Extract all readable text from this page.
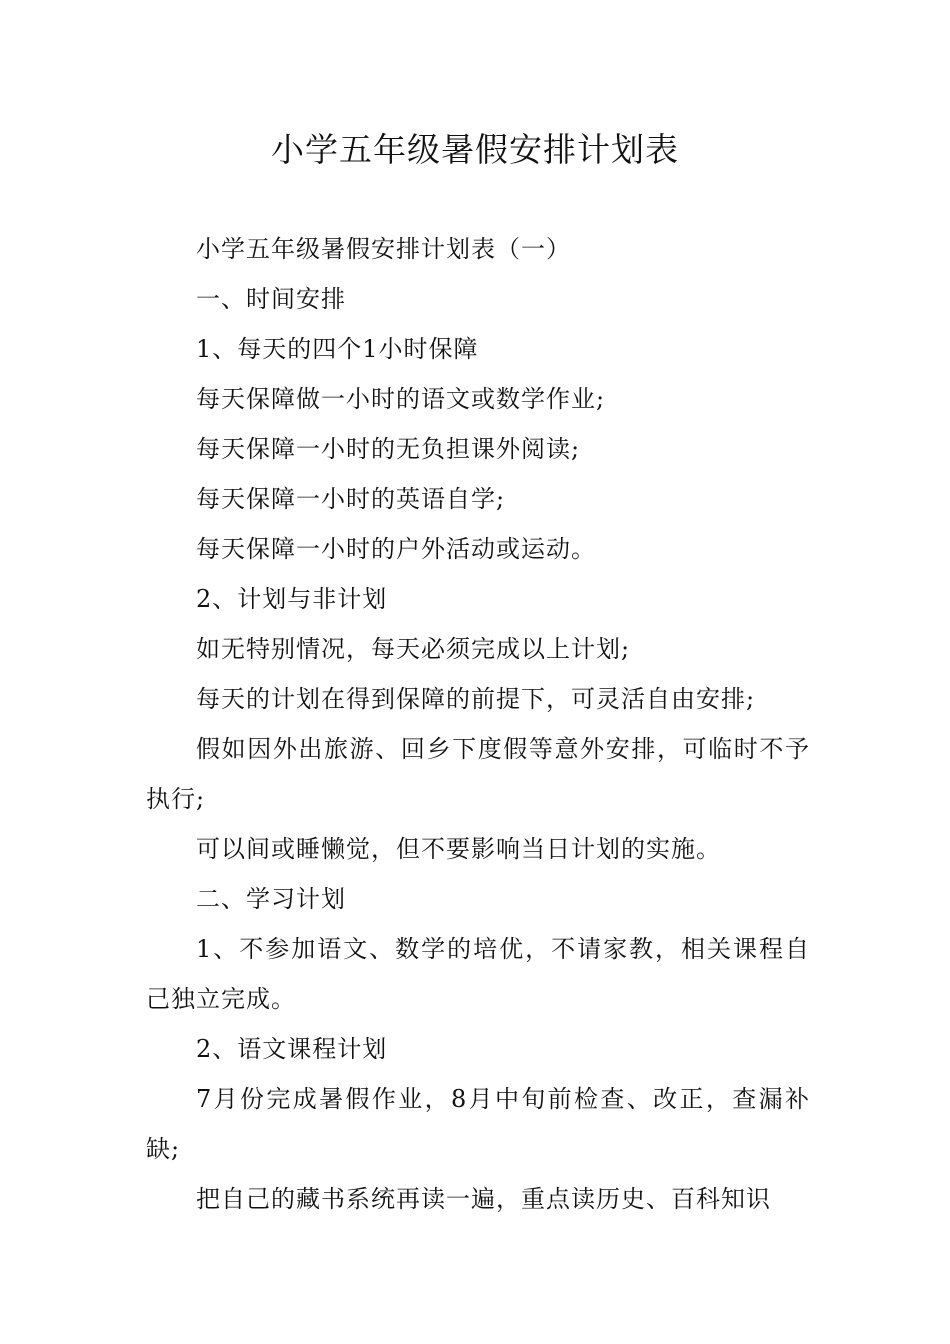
小学五年级暑假安排计划表

小学五年级暑假安排计划表（一）

一、时间安排

1、每天的四个1小时保障

每天保障做一小时的语文或数学作业;

每天保障一小时的无负担课外阅读;

每天保障一小时的英语自学;

每天保障一小时的户外活动或运动。

2、计划与非计划

如无特别情况，每天必须完成以上计划;

每天的计划在得到保障的前提下，可灵活自由安排;

假如因外出旅游、回乡下度假等意外安排，可临时不予执行;

可以间或睡懒觉，但不要影响当日计划的实施。

二、学习计划

1、不参加语文、数学的培优，不请家教，相关课程自己独立完成。

2、语文课程计划

7月份完成暑假作业，8月中旬前检查、改正，查漏补缺;

把自己的藏书系统再读一遍，重点读历史、百科知识
